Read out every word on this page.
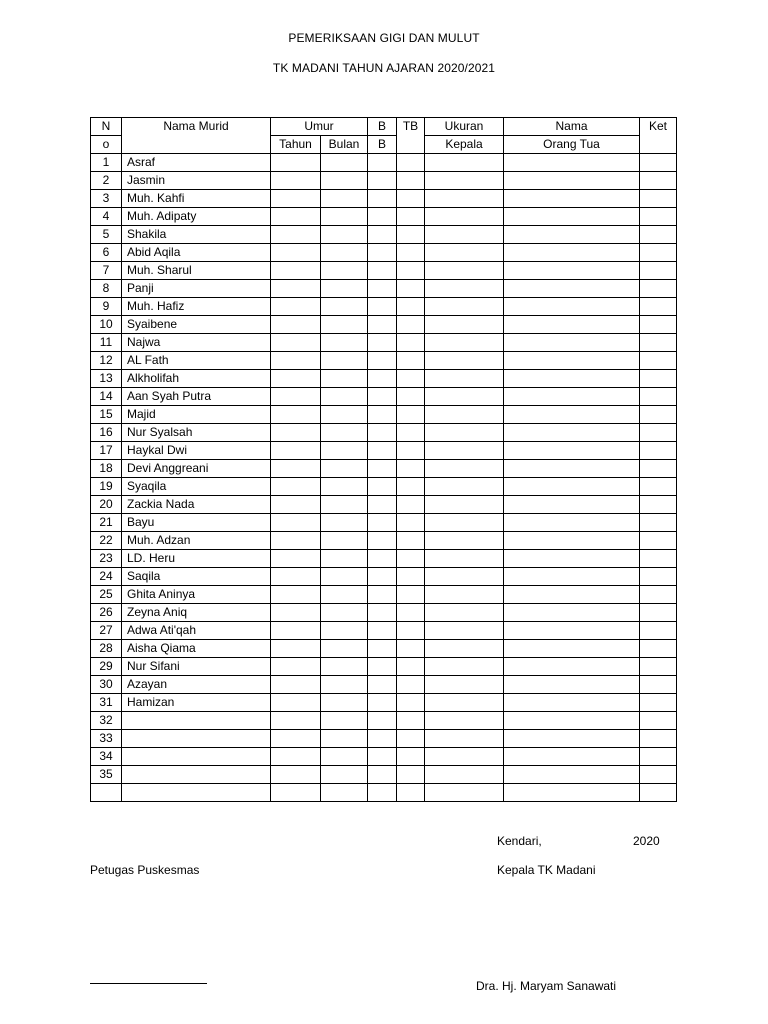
PEMERIKSAAN GIGI DAN MULUT
TK MADANI TAHUN AJARAN 2020/2021
N	Nama Murid	Umur		B	TB	Ukuran	Nama	Ket
o		Tahun	Bulan	B		Kepala	Orang Tua	
1	Asraf							
2	Jasmin							
3	Muh. Kahfi							
4	Muh. Adipaty							
5	Shakila							
6	Abid Aqila							
7	Muh. Sharul							
8	Panji							
9	Muh. Hafiz							
10	Syaibene							
11	Najwa							
12	AL Fath							
13	Alkholifah							
14	Aan Syah Putra							
15	Majid							
16	Nur Syalsah							
17	Haykal Dwi							
18	Devi Anggreani							
19	Syaqila							
20	Zackia Nada							
21	Bayu							
22	Muh. Adzan							
23	LD. Heru							
24	Saqila							
25	Ghita Aninya							
26	Zeyna Aniq							
27	Adwa Ati'qah							
28	Aisha Qiama							
29	Nur Sifani							
30	Azayan							
31	Hamizan							
32								
33								
34								
35								

Kendari,	2020
Petugas Puskesmas	Kepala TK Madani
Dra. Hj. Maryam Sanawati
